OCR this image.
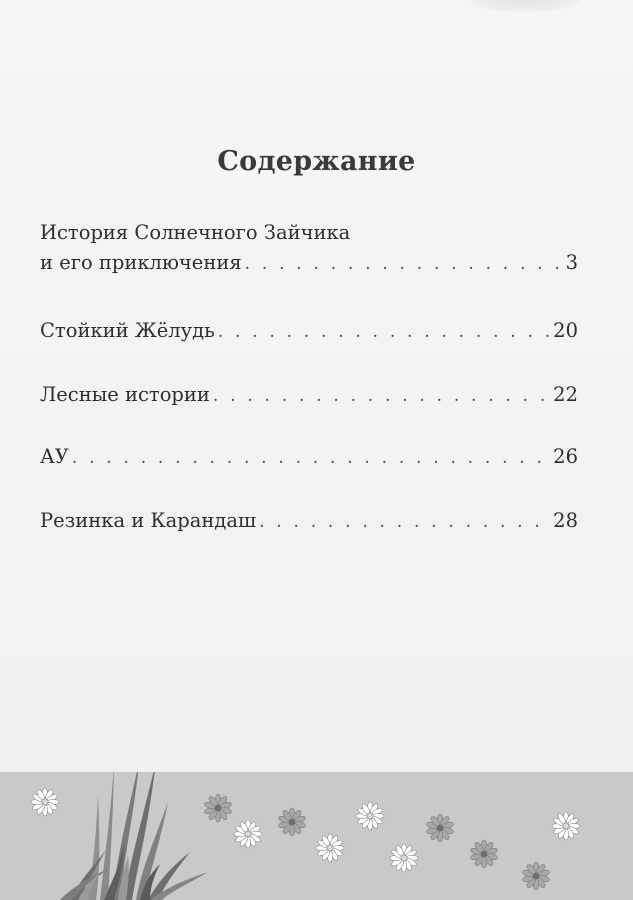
Содержание
История Солнечного Зайчика
и его приключения . . .	3
Стойкий Жёлудь . . .	20
Лесные истории . . .	22
АУ . . .	26
Резинка и Карандаш . . .	28
